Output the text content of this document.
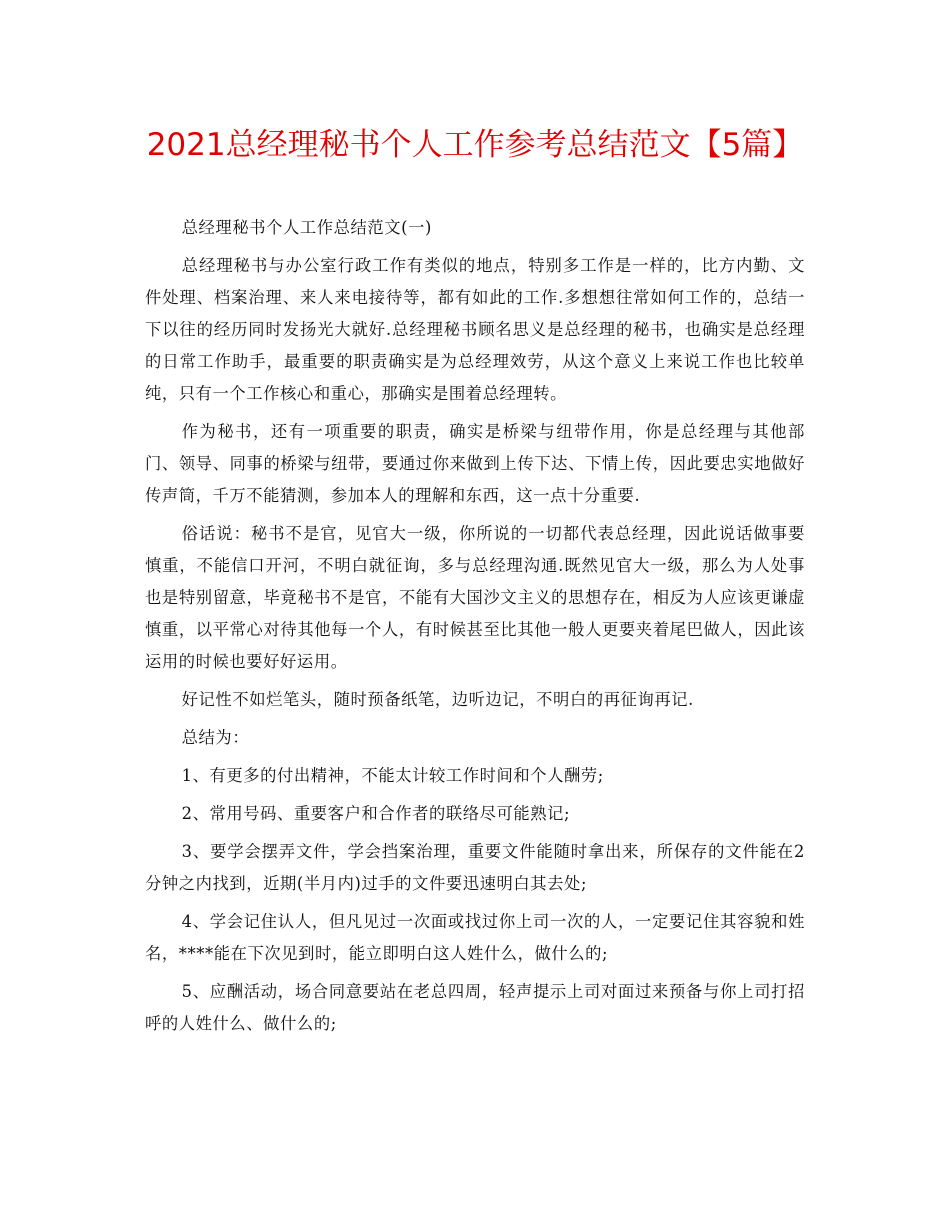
2021总经理秘书个人工作参考总结范文【5篇】

总经理秘书个人工作总结范文(一)

总经理秘书与办公室行政工作有类似的地点，特别多工作是一样的，比方内勤、文件处理、档案治理、来人来电接待等，都有如此的工作.多想想往常如何工作的，总结一下以往的经历同时发扬光大就好.总经理秘书顾名思义是总经理的秘书，也确实是总经理的日常工作助手，最重要的职责确实是为总经理效劳，从这个意义上来说工作也比较单纯，只有一个工作核心和重心，那确实是围着总经理转。

作为秘书，还有一项重要的职责，确实是桥梁与纽带作用，你是总经理与其他部门、领导、同事的桥梁与纽带，要通过你来做到上传下达、下情上传，因此要忠实地做好传声筒，千万不能猜测，参加本人的理解和东西，这一点十分重要.

俗话说：秘书不是官，见官大一级，你所说的一切都代表总经理，因此说话做事要慎重，不能信口开河，不明白就征询，多与总经理沟通.既然见官大一级，那么为人处事也是特别留意，毕竟秘书不是官，不能有大国沙文主义的思想存在，相反为人应该更谦虚慎重，以平常心对待其他每一个人，有时候甚至比其他一般人更要夹着尾巴做人，因此该运用的时候也要好好运用。

好记性不如烂笔头，随时预备纸笔，边听边记，不明白的再征询再记.

总结为：

1、有更多的付出精神，不能太计较工作时间和个人酬劳;

2、常用号码、重要客户和合作者的联络尽可能熟记;

3、要学会摆弄文件，学会挡案治理，重要文件能随时拿出来，所保存的文件能在2分钟之内找到，近期(半月内)过手的文件要迅速明白其去处;

4、学会记住认人，但凡见过一次面或找过你上司一次的人，一定要记住其容貌和姓名，****能在下次见到时，能立即明白这人姓什么，做什么的;

5、应酬活动，场合同意要站在老总四周，轻声提示上司对面过来预备与你上司打招呼的人姓什么、做什么的;
